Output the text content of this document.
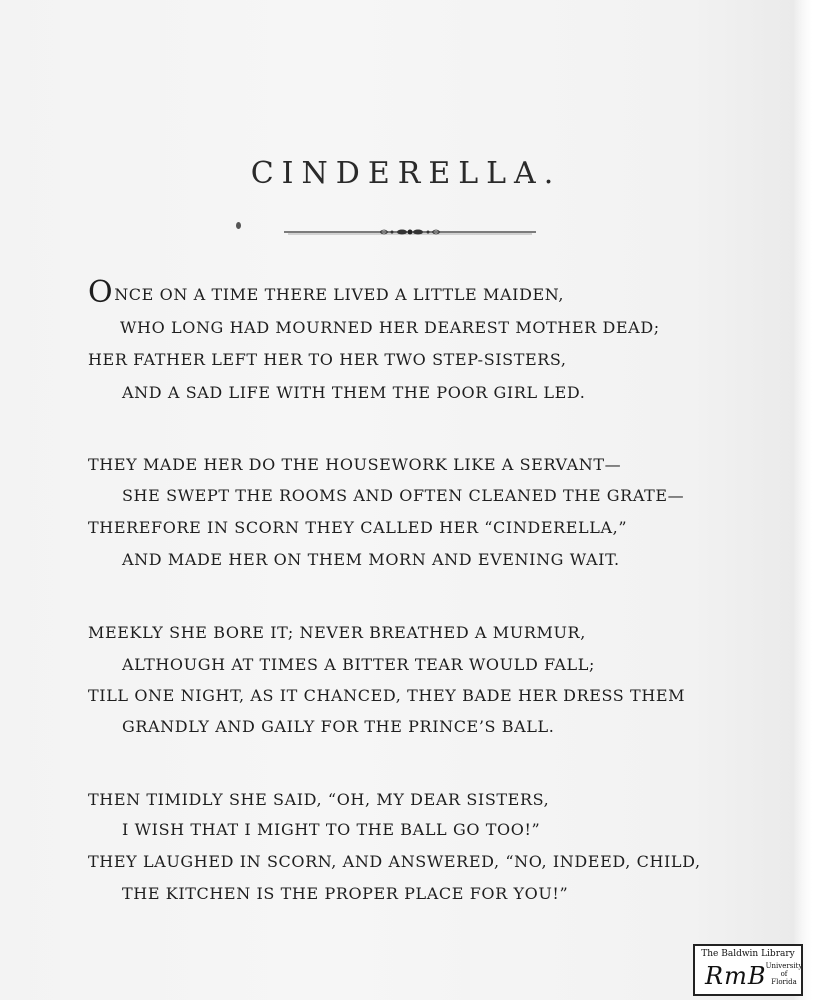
CINDERELLA.
ONCE ON A TIME THERE LIVED A LITTLE MAIDEN,
WHO LONG HAD MOURNED HER DEAREST MOTHER DEAD;
HER FATHER LEFT HER TO HER TWO STEP-SISTERS,
AND A SAD LIFE WITH THEM THE POOR GIRL LED.
THEY MADE HER DO THE HOUSEWORK LIKE A SERVANT—
SHE SWEPT THE ROOMS AND OFTEN CLEANED THE GRATE—
THEREFORE IN SCORN THEY CALLED HER “CINDERELLA,”
AND MADE HER ON THEM MORN AND EVENING WAIT.
MEEKLY SHE BORE IT; NEVER BREATHED A MURMUR,
ALTHOUGH AT TIMES A BITTER TEAR WOULD FALL;
TILL ONE NIGHT, AS IT CHANCED, THEY BADE HER DRESS THEM
GRANDLY AND GAILY FOR THE PRINCE’S BALL.
THEN TIMIDLY SHE SAID, “OH, MY DEAR SISTERS,
I WISH THAT I MIGHT TO THE BALL GO TOO!”
THEY LAUGHED IN SCORN, AND ANSWERED, “NO, INDEED, CHILD,
THE KITCHEN IS THE PROPER PLACE FOR YOU!”
The Baldwin Library
RmB University
of
Florida
